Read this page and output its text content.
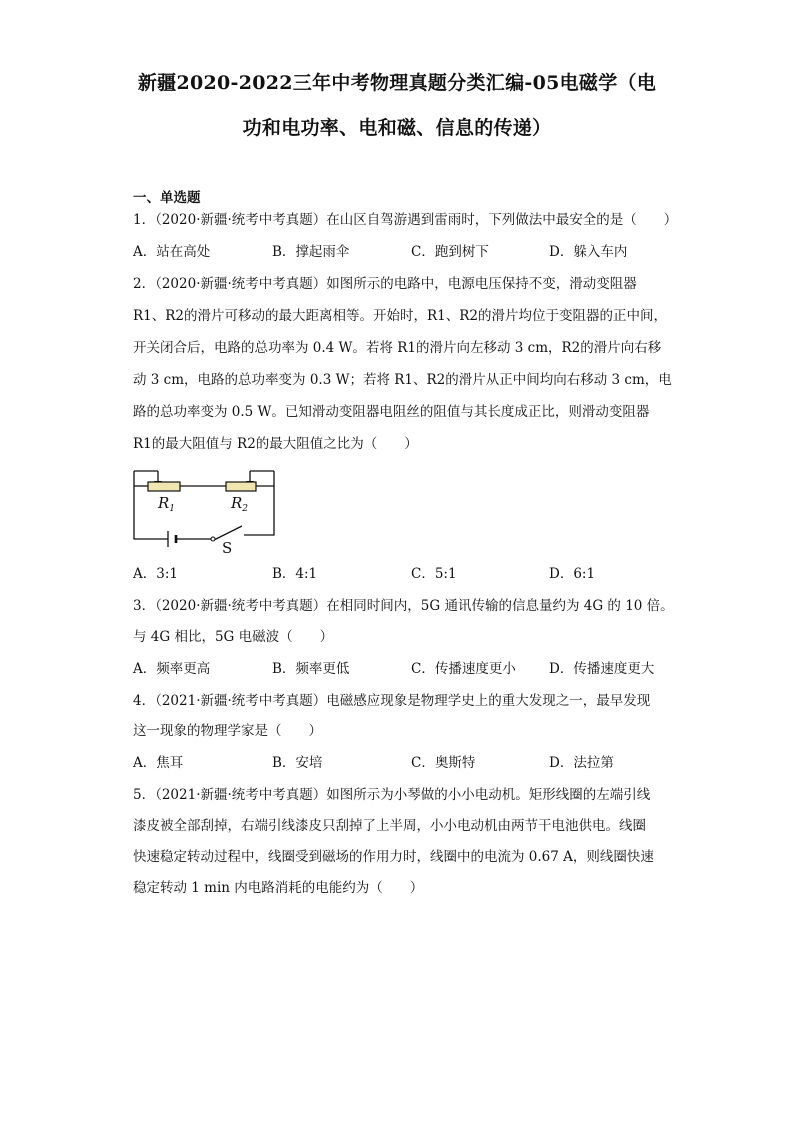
新疆2020-2022三年中考物理真题分类汇编-05电磁学（电
功和电功率、电和磁、信息的传递）
一、单选题
1．（2020·新疆·统考中考真题）在山区自驾游遇到雷雨时，下列做法中最安全的是（　　）
A．站在高处	B．撑起雨伞	C．跑到树下	D．躲入车内
2．（2020·新疆·统考中考真题）如图所示的电路中，电源电压保持不变，滑动变阻器
R1、R2的滑片可移动的最大距离相等。开始时，R1、R2的滑片均位于变阻器的正中间，
开关闭合后，电路的总功率为 0.4 W。若将 R1的滑片向左移动 3 cm，R2的滑片向右移
动 3 cm，电路的总功率变为 0.3 W；若将 R1、R2的滑片从正中间均向右移动 3 cm，电
路的总功率变为 0.5 W。已知滑动变阻器电阻丝的阻值与其长度成正比，则滑动变阻器
R1的最大阻值与 R2的最大阻值之比为（　　）
$R_1$	$R_2$
S
A．3:1	B．4:1	C．5:1	D．6:1
3．（2020·新疆·统考中考真题）在相同时间内，5G 通讯传输的信息量约为 4G 的 10 倍。
与 4G 相比，5G 电磁波（　　）
A．频率更高	B．频率更低	C．传播速度更小 D．传播速度更大
4．（2021·新疆·统考中考真题）电磁感应现象是物理学史上的重大发现之一，最早发现
这一现象的物理学家是（　　）
A．焦耳	B．安培	C．奥斯特	D．法拉第
5．（2021·新疆·统考中考真题）如图所示为小琴做的小小电动机。矩形线圈的左端引线
漆皮被全部刮掉，右端引线漆皮只刮掉了上半周，小小电动机由两节干电池供电。线圈
快速稳定转动过程中，线圈受到磁场的作用力时，线圈中的电流为 0.67 A，则线圈快速
稳定转动 1 min 内电路消耗的电能约为（　　）
